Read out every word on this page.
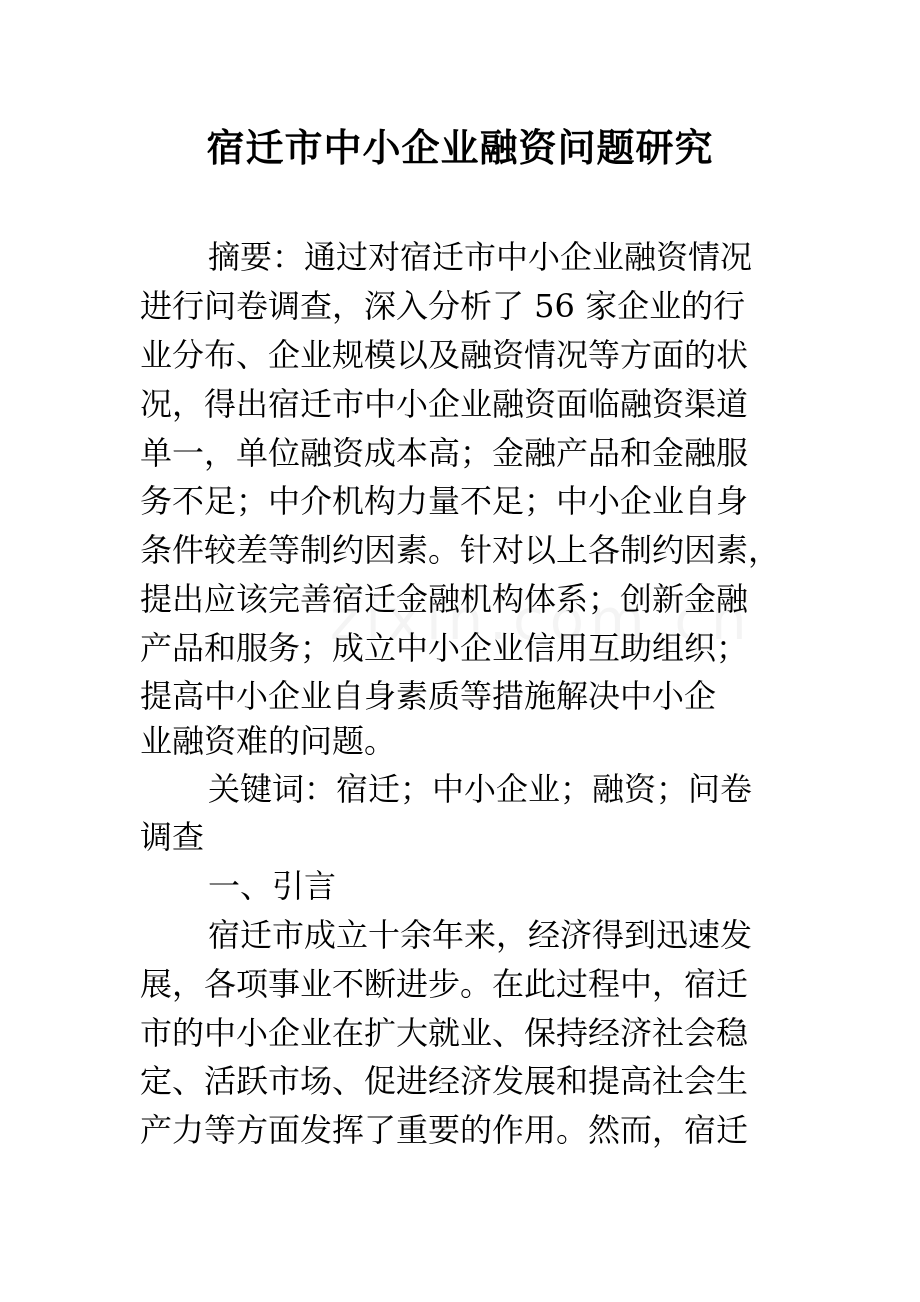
宿迁市中小企业融资问题研究
摘要：通过对宿迁市中小企业融资情况
进行问卷调查，深入分析了 56 家企业的行
业分布、企业规模以及融资情况等方面的状
况，得出宿迁市中小企业融资面临融资渠道
单一，单位融资成本高；金融产品和金融服
务不足；中介机构力量不足；中小企业自身
条件较差等制约因素。针对以上各制约因素，
提出应该完善宿迁金融机构体系；创新金融
产品和服务；成立中小企业信用互助组织；
提高中小企业自身素质等措施解决中小企
业融资难的问题。
关键词：宿迁；中小企业；融资；问卷
调查
一、引言
宿迁市成立十余年来，经济得到迅速发
展，各项事业不断进步。在此过程中，宿迁
市的中小企业在扩大就业、保持经济社会稳
定、活跃市场、促进经济发展和提高社会生
产力等方面发挥了重要的作用。然而，宿迁
